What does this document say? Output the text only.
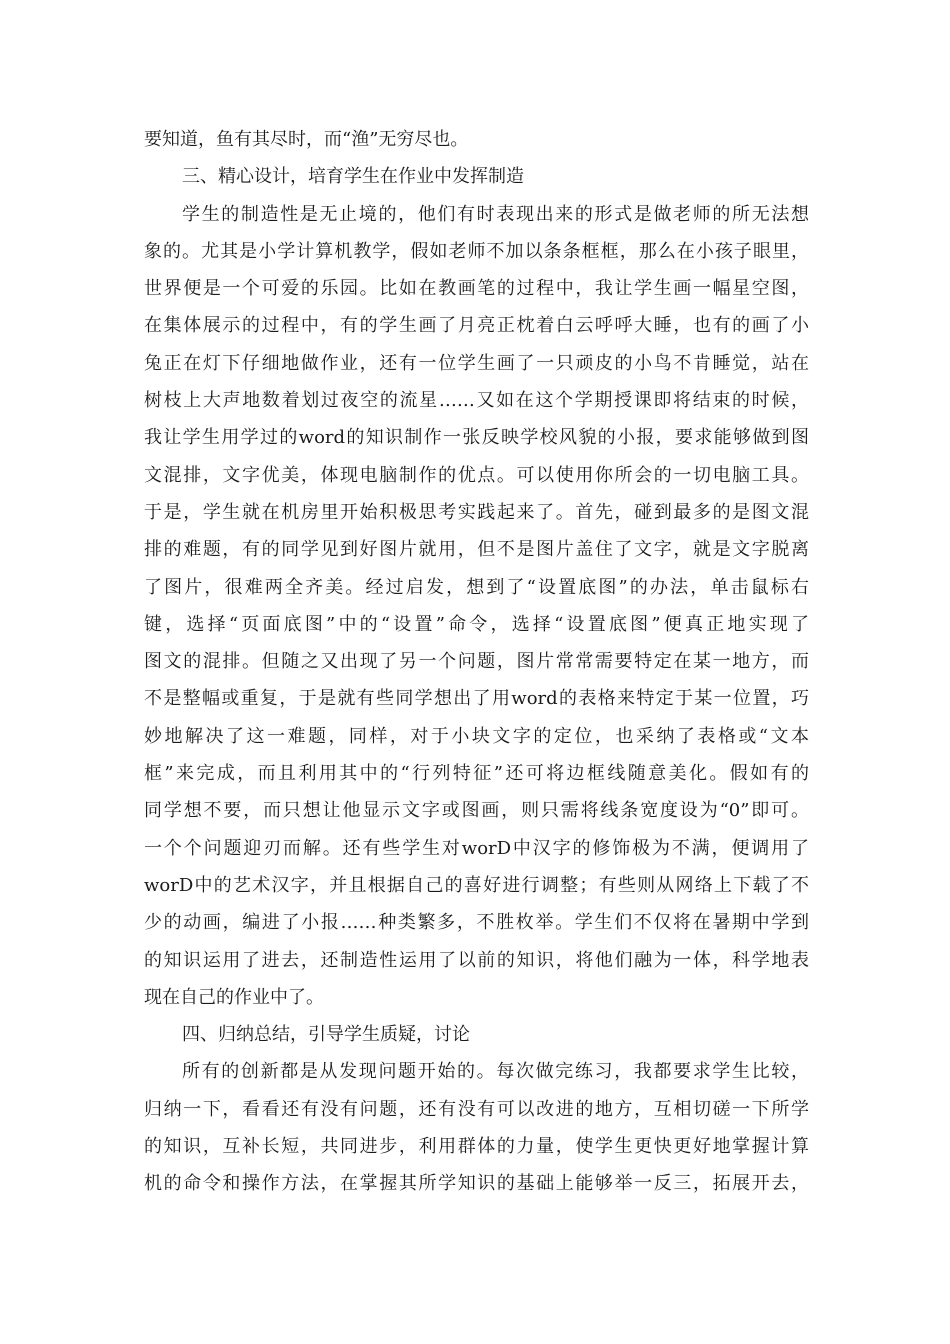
要知道，鱼有其尽时，而“渔”无穷尽也。
三、精心设计，培育学生在作业中发挥制造
学生的制造性是无止境的，他们有时表现出来的形式是做老师的所无法想
象的。尤其是小学计算机教学，假如老师不加以条条框框，那么在小孩子眼里，
世界便是一个可爱的乐园。比如在教画笔的过程中，我让学生画一幅星空图，
在集体展示的过程中，有的学生画了月亮正枕着白云呼呼大睡，也有的画了小
兔正在灯下仔细地做作业，还有一位学生画了一只顽皮的小鸟不肯睡觉，站在
树枝上大声地数着划过夜空的流星……又如在这个学期授课即将结束的时候，
我让学生用学过的word的知识制作一张反映学校风貌的小报，要求能够做到图
文混排，文字优美，体现电脑制作的优点。可以使用你所会的一切电脑工具。
于是，学生就在机房里开始积极思考实践起来了。首先，碰到最多的是图文混
排的难题，有的同学见到好图片就用，但不是图片盖住了文字，就是文字脱离
了图片，很难两全齐美。经过启发，想到了“设置底图”的办法，单击鼠标右
键，选择“页面底图”中的“设置”命令，选择“设置底图”便真正地实现了
图文的混排。但随之又出现了另一个问题，图片常常需要特定在某一地方，而
不是整幅或重复，于是就有些同学想出了用word的表格来特定于某一位置，巧
妙地解决了这一难题，同样，对于小块文字的定位，也采纳了表格或“文本
框”来完成，而且利用其中的“行列特征”还可将边框线随意美化。假如有的
同学想不要，而只想让他显示文字或图画，则只需将线条宽度设为“0”即可。
一个个问题迎刃而解。还有些学生对worD中汉字的修饰极为不满，便调用了
worD中的艺术汉字，并且根据自己的喜好进行调整；有些则从网络上下载了不
少的动画，编进了小报……种类繁多，不胜枚举。学生们不仅将在暑期中学到
的知识运用了进去，还制造性运用了以前的知识，将他们融为一体，科学地表
现在自己的作业中了。
四、归纳总结，引导学生质疑，讨论
所有的创新都是从发现问题开始的。每次做完练习，我都要求学生比较，
归纳一下，看看还有没有问题，还有没有可以改进的地方，互相切磋一下所学
的知识，互补长短，共同进步，利用群体的力量，使学生更快更好地掌握计算
机的命令和操作方法，在掌握其所学知识的基础上能够举一反三，拓展开去，
